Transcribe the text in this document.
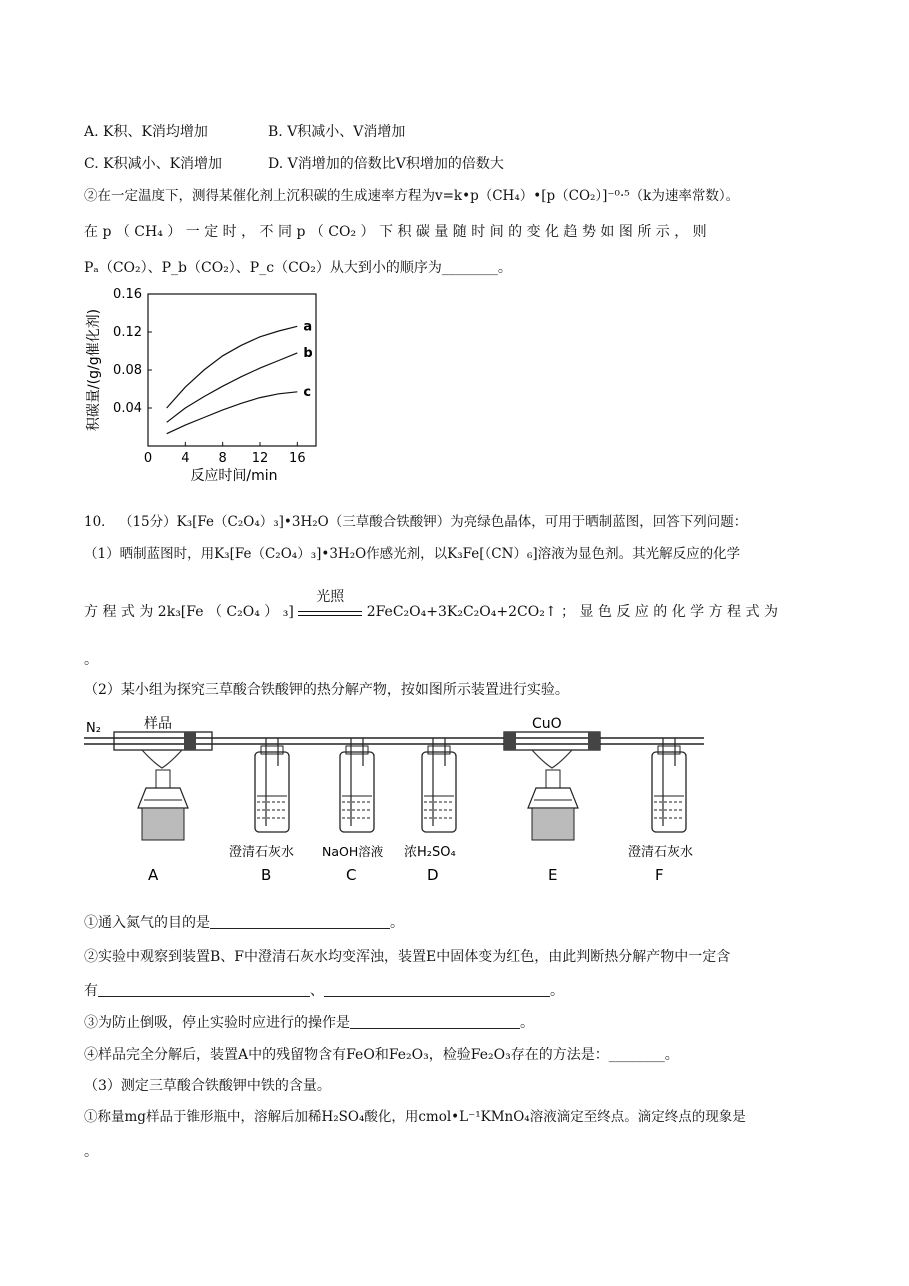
A. K积、K消均增加	B. V积减小、V消增加
C. K积减小、K消增加	D. V消增加的倍数比V积增加的倍数大
②在一定温度下，测得某催化剂上沉积碳的生成速率方程为v=k•p（CH₄）•[p（CO₂）]⁻⁰·⁵（k为速率常数）。
在 p （ CH₄ ） 一 定 时 ， 不 同 p （ CO₂ ） 下 积 碳 量 随 时 间 的 变 化 趋 势 如 图 所 示 ， 则
Pₐ（CO₂）、P_b（CO₂）、P_c（CO₂）从大到小的顺序为________。
0 4 8 12 16
0.04
0.08
0.12
0.16
a
b
c
积碳量/(g/g催化剂)
反应时间/min
10． （15分）K₃[Fe（C₂O₄）₃]•3H₂O（三草酸合铁酸钾）为亮绿色晶体，可用于晒制蓝图，回答下列问题：
（1）晒制蓝图时，用K₃[Fe（C₂O₄）₃]•3H₂O作感光剂，以K₃Fe[（CN）₆]溶液为显色剂。其光解反应的化学
方 程 式 为 2k₃[Fe （ C₂O₄ ） ₃]
光照
2FeC₂O₄+3K₂C₂O₄+2CO₂↑ ； 显 色 反 应 的 化 学 方 程 式 为
。
（2）某小组为探究三草酸合铁酸钾的热分解产物，按如图所示装置进行实验。
N₂	样品	CuO
澄清石灰水 NaOH溶液 浓H₂SO₄	澄清石灰水
A	B	C	D	E	F
①通入氮气的目的是	。
②实验中观察到装置B、F中澄清石灰水均变浑浊，装置E中固体变为红色，由此判断热分解产物中一定含
有	、	。
③为防止倒吸，停止实验时应进行的操作是	。
④样品完全分解后，装置A中的残留物含有FeO和Fe₂O₃，检验Fe₂O₃存在的方法是：________。
（3）测定三草酸合铁酸钾中铁的含量。
①称量mg样品于锥形瓶中，溶解后加稀H₂SO₄酸化，用cmol•L⁻¹KMnO₄溶液滴定至终点。滴定终点的现象是
。
